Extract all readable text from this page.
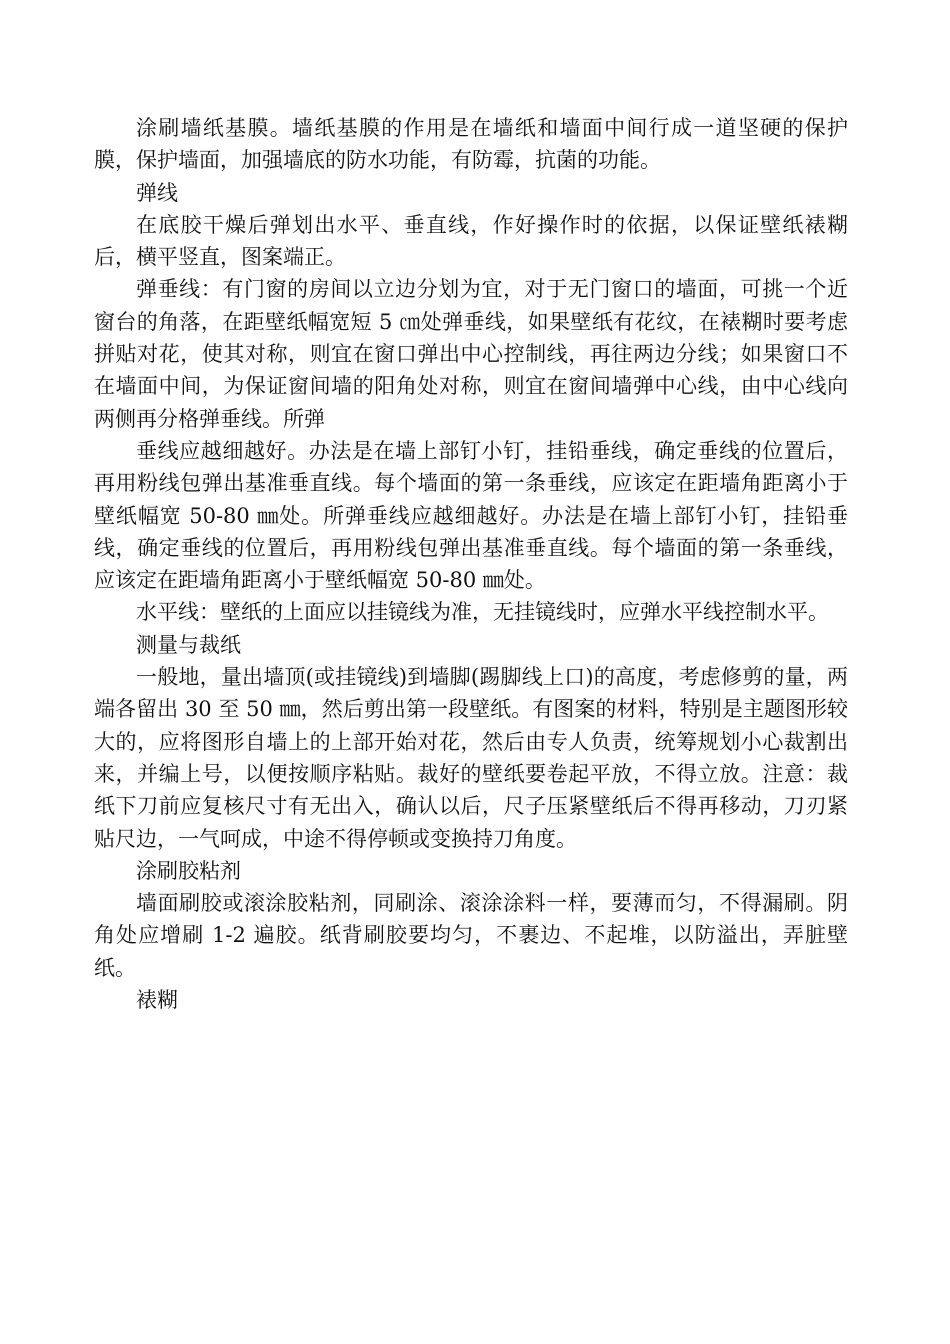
涂刷墙纸基膜。墙纸基膜的作用是在墙纸和墙面中间行成一道坚硬的保护膜，保护墙面，加强墙底的防水功能，有防霉，抗菌的功能。

弹线

在底胶干燥后弹划出水平、垂直线，作好操作时的依据，以保证壁纸裱糊后，横平竖直，图案端正。

弹垂线：有门窗的房间以立边分划为宜，对于无门窗口的墙面，可挑一个近窗台的角落，在距壁纸幅宽短 5 ㎝处弹垂线，如果壁纸有花纹，在裱糊时要考虑拼贴对花，使其对称，则宜在窗口弹出中心控制线，再往两边分线；如果窗口不在墙面中间，为保证窗间墙的阳角处对称，则宜在窗间墙弹中心线，由中心线向两侧再分格弹垂线。所弹

垂线应越细越好。办法是在墙上部钉小钉，挂铅垂线，确定垂线的位置后，再用粉线包弹出基准垂直线。每个墙面的第一条垂线，应该定在距墙角距离小于壁纸幅宽 50-80 ㎜处。所弹垂线应越细越好。办法是在墙上部钉小钉，挂铅垂线，确定垂线的位置后，再用粉线包弹出基准垂直线。每个墙面的第一条垂线，应该定在距墙角距离小于壁纸幅宽 50-80 ㎜处。

水平线：壁纸的上面应以挂镜线为准，无挂镜线时，应弹水平线控制水平。

测量与裁纸

一般地，量出墙顶(或挂镜线)到墙脚(踢脚线上口)的高度，考虑修剪的量，两端各留出 30 至 50 ㎜，然后剪出第一段壁纸。有图案的材料，特别是主题图形较大的，应将图形自墙上的上部开始对花，然后由专人负责，统筹规划小心裁割出来，并编上号，以便按顺序粘贴。裁好的壁纸要卷起平放，不得立放。注意：裁纸下刀前应复核尺寸有无出入，确认以后，尺子压紧壁纸后不得再移动，刀刃紧贴尺边，一气呵成，中途不得停顿或变换持刀角度。

涂刷胶粘剂

墙面刷胶或滚涂胶粘剂，同刷涂、滚涂涂料一样，要薄而匀，不得漏刷。阴角处应增刷 1-2 遍胶。纸背刷胶要均匀，不裹边、不起堆，以防溢出，弄脏壁纸。

裱糊
